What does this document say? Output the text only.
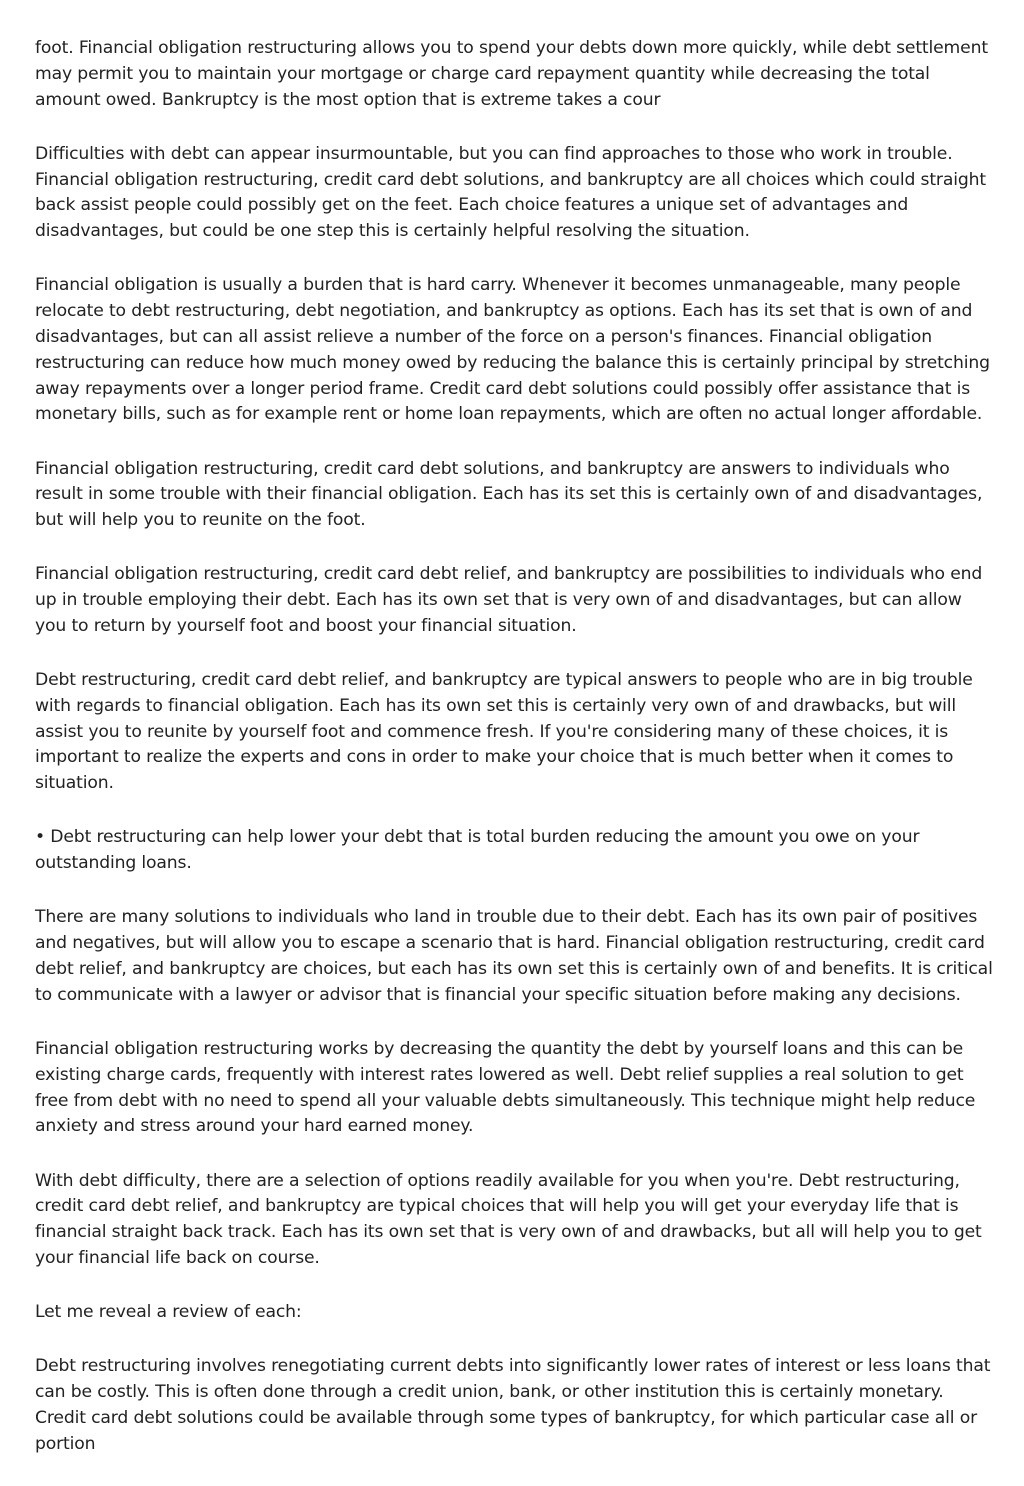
foot. Financial obligation restructuring allows you to spend your debts down more quickly, while debt settlement may permit you to maintain your mortgage or charge card repayment quantity while decreasing the total amount owed. Bankruptcy is the most option that is extreme takes a cour

Difficulties with debt can appear insurmountable, but you can find approaches to those who work in trouble. Financial obligation restructuring, credit card debt solutions, and bankruptcy are all choices which could straight back assist people could possibly get on the feet. Each choice features a unique set of advantages and disadvantages, but could be one step this is certainly helpful resolving the situation.

Financial obligation is usually a burden that is hard carry. Whenever it becomes unmanageable, many people relocate to debt restructuring, debt negotiation, and bankruptcy as options. Each has its set that is own of and disadvantages, but can all assist relieve a number of the force on a person's finances. Financial obligation restructuring can reduce how much money owed by reducing the balance this is certainly principal by stretching away repayments over a longer period frame. Credit card debt solutions could possibly offer assistance that is monetary bills, such as for example rent or home loan repayments, which are often no actual longer affordable.

Financial obligation restructuring, credit card debt solutions, and bankruptcy are answers to individuals who result in some trouble with their financial obligation. Each has its set this is certainly own of and disadvantages, but will help you to reunite on the foot.

Financial obligation restructuring, credit card debt relief, and bankruptcy are possibilities to individuals who end up in trouble employing their debt. Each has its own set that is very own of and disadvantages, but can allow you to return by yourself foot and boost your financial situation.

Debt restructuring, credit card debt relief, and bankruptcy are typical answers to people who are in big trouble with regards to financial obligation. Each has its own set this is certainly very own of and drawbacks, but will assist you to reunite by yourself foot and commence fresh. If you're considering many of these choices, it is important to realize the experts and cons in order to make your choice that is much better when it comes to situation.

• Debt restructuring can help lower your debt that is total burden reducing the amount you owe on your outstanding loans.

There are many solutions to individuals who land in trouble due to their debt. Each has its own pair of positives and negatives, but will allow you to escape a scenario that is hard. Financial obligation restructuring, credit card debt relief, and bankruptcy are choices, but each has its own set this is certainly own of and benefits. It is critical to communicate with a lawyer or advisor that is financial your specific situation before making any decisions.

Financial obligation restructuring works by decreasing the quantity the debt by yourself loans and this can be existing charge cards, frequently with interest rates lowered as well. Debt relief supplies a real solution to get free from debt with no need to spend all your valuable debts simultaneously. This technique might help reduce anxiety and stress around your hard earned money.

With debt difficulty, there are a selection of options readily available for you when you're. Debt restructuring, credit card debt relief, and bankruptcy are typical choices that will help you will get your everyday life that is financial straight back track. Each has its own set that is very own of and drawbacks, but all will help you to get your financial life back on course.

Let me reveal a review of each:

Debt restructuring involves renegotiating current debts into significantly lower rates of interest or less loans that can be costly. This is often done through a credit union, bank, or other institution this is certainly monetary. Credit card debt solutions could be available through some types of bankruptcy, for which particular case all or portion
